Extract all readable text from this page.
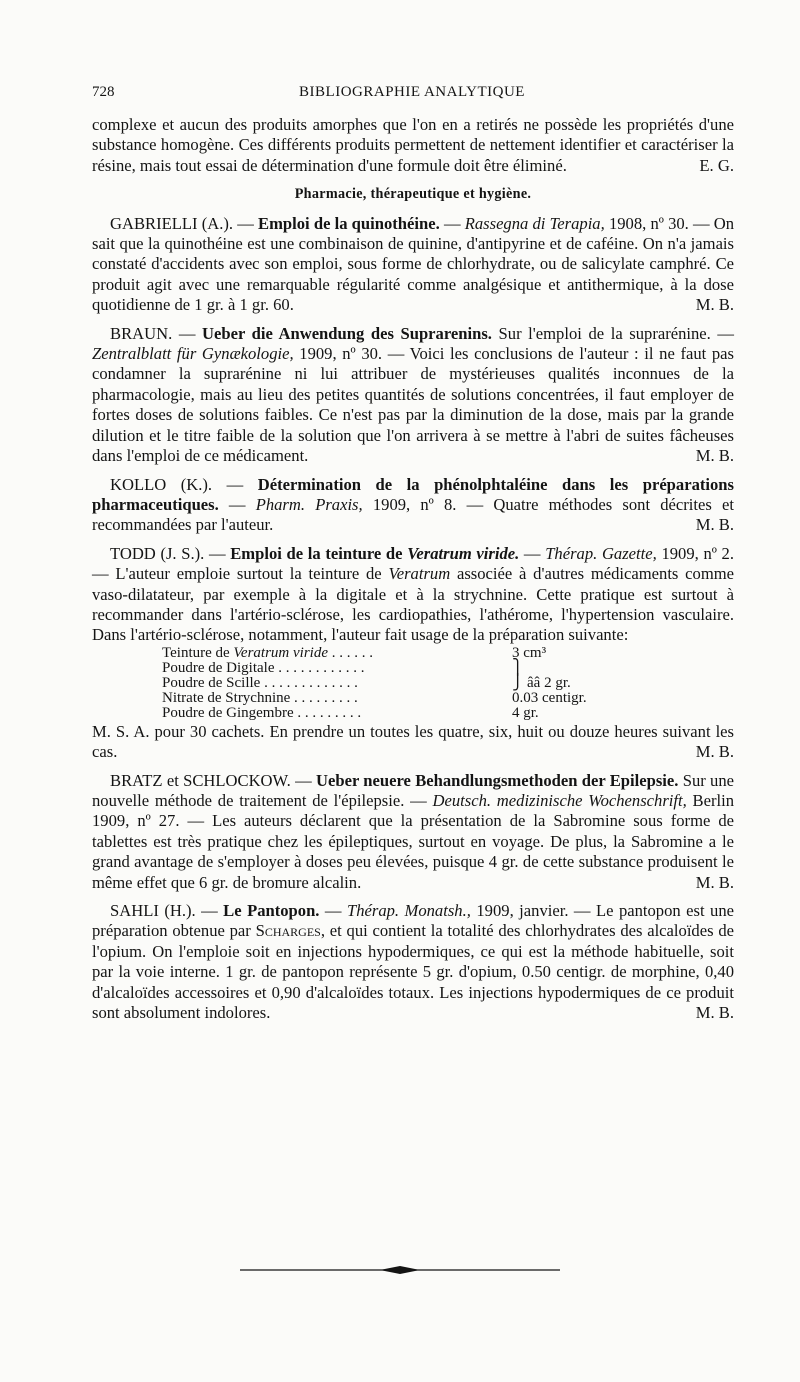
728	BIBLIOGRAPHIE ANALYTIQUE

complexe et aucun des produits amorphes que l'on en a retirés ne possède les propriétés d'une substance homogène. Ces différents produits permettent de nettement identifier et caractériser la résine, mais tout essai de détermination d'une formule doit être éliminé.	E. G.

Pharmacie, thérapeutique et hygiène.

GABRIELLI (A.). — Emploi de la quinothéine. — Rassegna di Terapia, 1908, nº 30. — On sait que la quinothéine est une combinaison de quinine, d'antipyrine et de caféine. On n'a jamais constaté d'accidents avec son emploi, sous forme de chlorhydrate, ou de salicylate camphré. Ce produit agit avec une remarquable régularité comme analgésique et antithermique, à la dose quotidienne de 1 gr. à 1 gr. 60.	M. B.

BRAUN. — Ueber die Anwendung des Suprarenins. Sur l'emploi de la suprarénine. — Zentralblatt für Gynækologie, 1909, nº 30. — Voici les conclusions de l'auteur : il ne faut pas condamner la suprarénine ni lui attribuer de mystérieuses qualités inconnues de la pharmacologie, mais au lieu des petites quantités de solutions concentrées, il faut employer de fortes doses de solutions faibles. Ce n'est pas par la diminution de la dose, mais par la grande dilution et le titre faible de la solution que l'on arrivera à se mettre à l'abri de suites fâcheuses dans l'emploi de ce médicament.	M. B.

KOLLO (K.). — Détermination de la phénolphtaléine dans les préparations pharmaceutiques. — Pharm. Praxis, 1909, nº 8. — Quatre méthodes sont décrites et recommandées par l'auteur.	M. B.

TODD (J. S.). — Emploi de la teinture de Veratrum viride. — Thérap. Gazette, 1909, nº 2. — L'auteur emploie surtout la teinture de Veratrum associée à d'autres médicaments comme vaso-dilatateur, par exemple à la digitale et à la strychnine. Cette pratique est surtout à recommander dans l'artério-sclérose, les cardiopathies, l'athérome, l'hypertension vasculaire. Dans l'artério-sclérose, notamment, l'auteur fait usage de la préparation suivante:

Teinture de Veratrum viride . . . . . .	3 cm³
Poudre de Digitale . . . . . . . . . . . .	⎫
Poudre de Scille . . . . . . . . . . . . .	⎭ ââ 2 gr.
Nitrate de Strychnine . . . . . . . . .	0.03 centigr.
Poudre de Gingembre . . . . . . . . .	4 gr.

M. S. A. pour 30 cachets. En prendre un toutes les quatre, six, huit ou douze heures suivant les cas.	M. B.

BRATZ et SCHLOCKOW. — Ueber neuere Behandlungsmethoden der Epilepsie. Sur une nouvelle méthode de traitement de l'épilepsie. — Deutsch. medizinische Wochenschrift, Berlin 1909, nº 27. — Les auteurs déclarent que la présentation de la Sabromine sous forme de tablettes est très pratique chez les épileptiques, surtout en voyage. De plus, la Sabromine a le grand avantage de s'employer à doses peu élevées, puisque 4 gr. de cette substance produisent le même effet que 6 gr. de bromure alcalin.	M. B.

SAHLI (H.). — Le Pantopon. — Thérap. Monatsh., 1909, janvier. — Le pantopon est une préparation obtenue par Scharges, et qui contient la totalité des chlorhydrates des alcaloïdes de l'opium. On l'emploie soit en injections hypodermiques, ce qui est la méthode habituelle, soit par la voie interne. 1 gr. de pantopon représente 5 gr. d'opium, 0.50 centigr. de morphine, 0,40 d'alcaloïdes accessoires et 0,90 d'alcaloïdes totaux. Les injections hypodermiques de ce produit sont absolument indolores.	M. B.
